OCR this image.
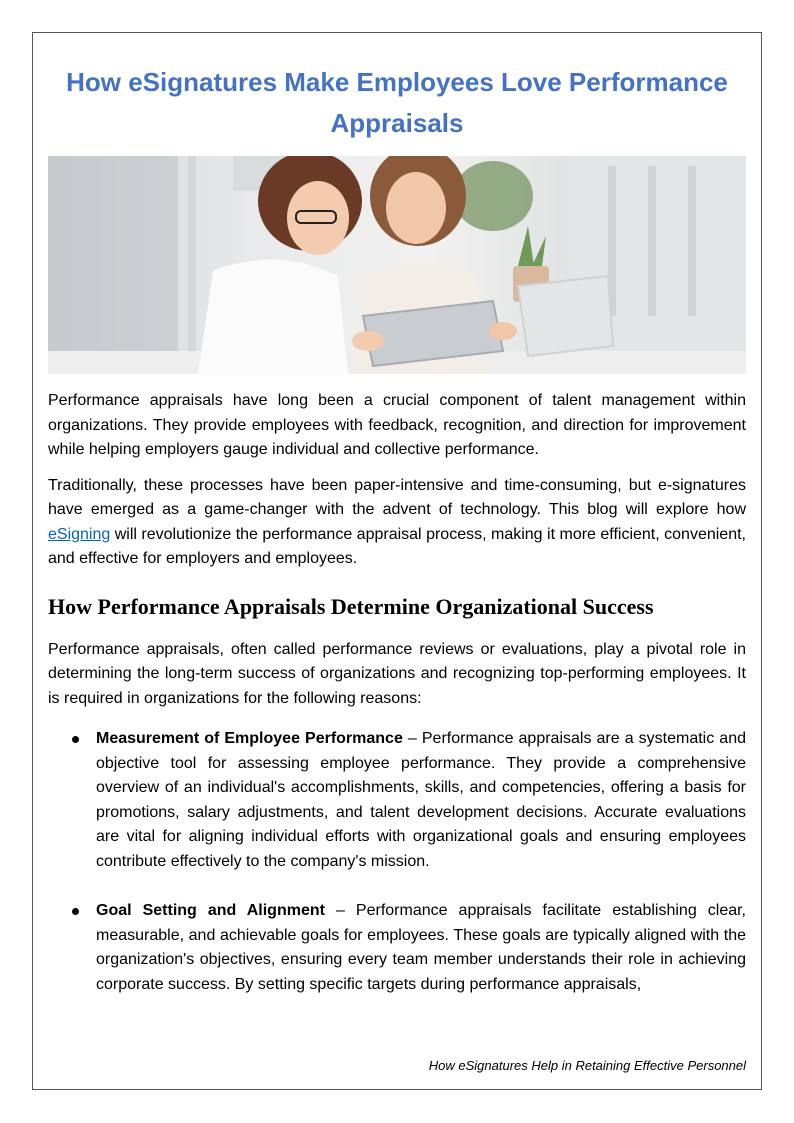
How eSignatures Make Employees Love Performance Appraisals

Performance appraisals have long been a crucial component of talent management within organizations. They provide employees with feedback, recognition, and direction for improvement while helping employers gauge individual and collective performance.

Traditionally, these processes have been paper-intensive and time-consuming, but e-signatures have emerged as a game-changer with the advent of technology. This blog will explore how eSigning will revolutionize the performance appraisal process, making it more efficient, convenient, and effective for employers and employees.

How Performance Appraisals Determine Organizational Success

Performance appraisals, often called performance reviews or evaluations, play a pivotal role in determining the long-term success of organizations and recognizing top-performing employees. It is required in organizations for the following reasons:

Measurement of Employee Performance – Performance appraisals are a systematic and objective tool for assessing employee performance. They provide a comprehensive overview of an individual's accomplishments, skills, and competencies, offering a basis for promotions, salary adjustments, and talent development decisions. Accurate evaluations are vital for aligning individual efforts with organizational goals and ensuring employees contribute effectively to the company's mission.
Goal Setting and Alignment – Performance appraisals facilitate establishing clear, measurable, and achievable goals for employees. These goals are typically aligned with the organization's objectives, ensuring every team member understands their role in achieving corporate success. By setting specific targets during performance appraisals,
How eSignatures Help in Retaining Effective Personnel
